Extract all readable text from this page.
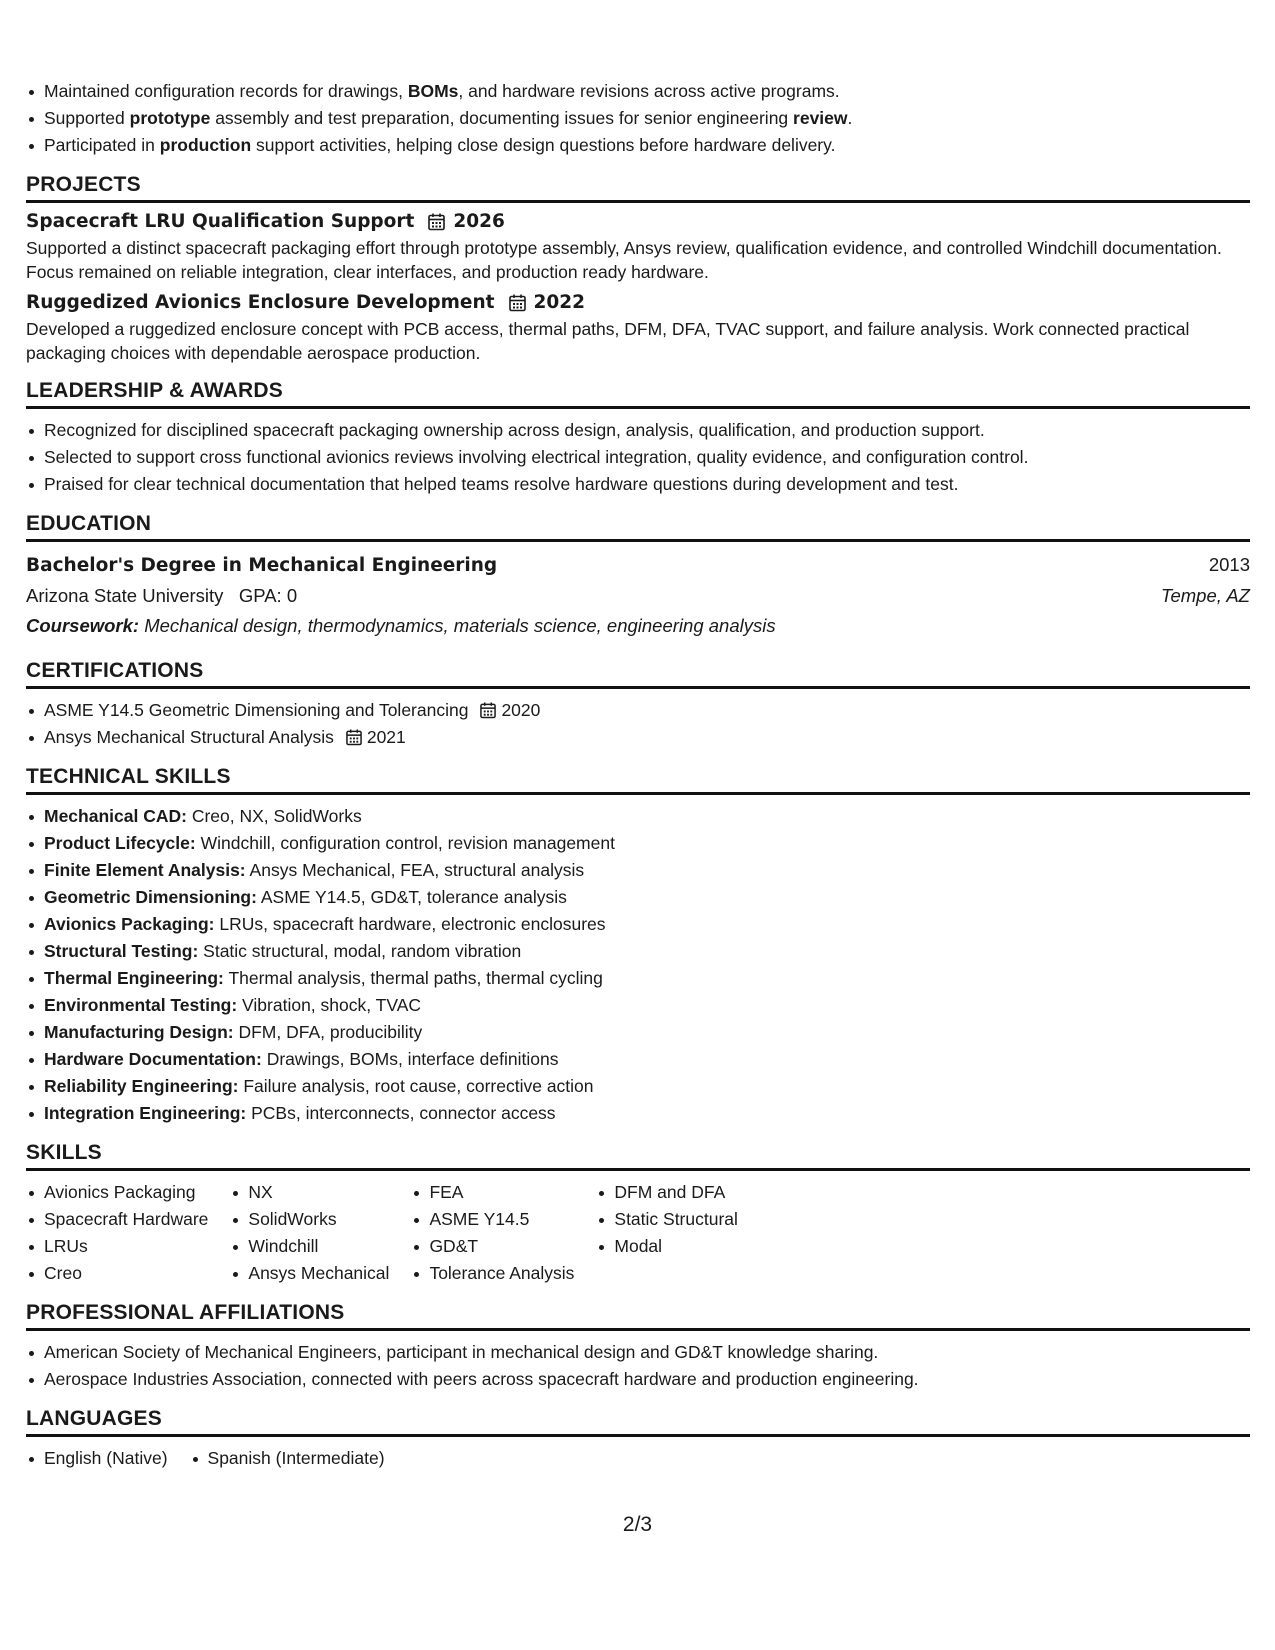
Maintained configuration records for drawings, BOMs, and hardware revisions across active programs.
Supported prototype assembly and test preparation, documenting issues for senior engineering review.
Participated in production support activities, helping close design questions before hardware delivery.
PROJECTS
Spacecraft LRU Qualification Support 2026
Supported a distinct spacecraft packaging effort through prototype assembly, Ansys review, qualification evidence, and controlled Windchill documentation. Focus remained on reliable integration, clear interfaces, and production ready hardware.
Ruggedized Avionics Enclosure Development 2022
Developed a ruggedized enclosure concept with PCB access, thermal paths, DFM, DFA, TVAC support, and failure analysis. Work connected practical packaging choices with dependable aerospace production.
LEADERSHIP & AWARDS
Recognized for disciplined spacecraft packaging ownership across design, analysis, qualification, and production support.
Selected to support cross functional avionics reviews involving electrical integration, quality evidence, and configuration control.
Praised for clear technical documentation that helped teams resolve hardware questions during development and test.
EDUCATION
Bachelor's Degree in Mechanical Engineering	2013
Arizona State University GPA: 0	Tempe, AZ
Coursework: Mechanical design, thermodynamics, materials science, engineering analysis
CERTIFICATIONS
ASME Y14.5 Geometric Dimensioning and Tolerancing 2020
Ansys Mechanical Structural Analysis 2021
TECHNICAL SKILLS
Mechanical CAD: Creo, NX, SolidWorks
Product Lifecycle: Windchill, configuration control, revision management
Finite Element Analysis: Ansys Mechanical, FEA, structural analysis
Geometric Dimensioning: ASME Y14.5, GD&T, tolerance analysis
Avionics Packaging: LRUs, spacecraft hardware, electronic enclosures
Structural Testing: Static structural, modal, random vibration
Thermal Engineering: Thermal analysis, thermal paths, thermal cycling
Environmental Testing: Vibration, shock, TVAC
Manufacturing Design: DFM, DFA, producibility
Hardware Documentation: Drawings, BOMs, interface definitions
Reliability Engineering: Failure analysis, root cause, corrective action
Integration Engineering: PCBs, interconnects, connector access
SKILLS
Avionics Packaging
Spacecraft Hardware
LRUs
Creo
NX
SolidWorks
Windchill
Ansys Mechanical
FEA
ASME Y14.5
GD&T
Tolerance Analysis
DFM and DFA
Static Structural
Modal
PROFESSIONAL AFFILIATIONS
American Society of Mechanical Engineers, participant in mechanical design and GD&T knowledge sharing.
Aerospace Industries Association, connected with peers across spacecraft hardware and production engineering.
LANGUAGES
English (Native)	Spanish (Intermediate)
2/3
